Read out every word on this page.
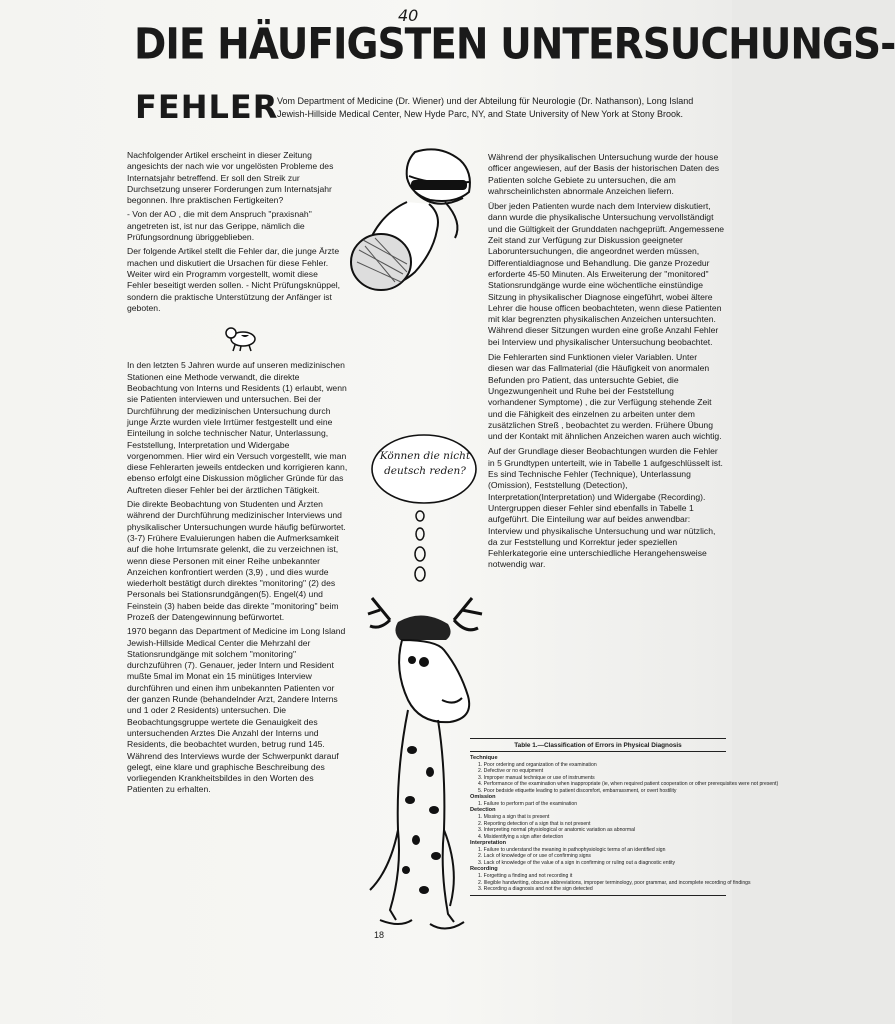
40
DIE HÄUFIGSTEN UNTERSUCHUNGS-
FEHLER
Vom Department of Medicine (Dr. Wiener) und der Abteilung für Neurologie (Dr. Nathanson), Long Island Jewish-Hillside Medical Center, New Hyde Parc, NY, and State University of New York at Stony Brook.

Nachfolgender Artikel erscheint in dieser Zeitung angesichts der nach wie vor ungelösten Probleme des Internatsjahr betreffend. Er soll den Streik zur Durchsetzung unserer Forderungen zum Internatsjahr begonnen. Ihre praktischen Fertigkeiten?

- Von der AO , die mit dem Anspruch "praxisnah" angetreten ist, ist nur das Gerippe, nämlich die Prüfungsordnung übriggeblieben.

Der folgende Artikel stellt die Fehler dar, die junge Ärzte machen und diskutiert die Ursachen für diese Fehler. Weiter wird ein Programm vorgestellt, womit diese Fehler beseitigt werden sollen. - Nicht Prüfungsknüppel, sondern die praktische Unterstützung der Anfänger ist geboten.

In den letzten 5 Jahren wurde auf unseren medizinischen Stationen eine Methode verwandt, die direkte Beobachtung von Interns und Residents (1) erlaubt, wenn sie Patienten interviewen und untersuchen. Bei der Durchführung der medizinischen Untersuchung durch junge Ärzte wurden viele Irrtümer festgestellt und eine Einteilung in solche technischer Natur, Unterlassung, Feststellung, Interpretation und Widergabe vorgenommen. Hier wird ein Versuch vorgestellt, wie man diese Fehlerarten jeweils entdecken und korrigieren kann, ebenso erfolgt eine Diskussion möglicher Gründe für das Auftreten dieser Fehler bei der ärztlichen Tätigkeit.

Die direkte Beobachtung von Studenten und Ärzten während der Durchführung medizinischer Interviews und physikalischer Untersuchungen wurde häufig befürwortet. (3-7) Frühere Evaluierungen haben die Aufmerksamkeit auf die hohe Irrtumsrate gelenkt, die zu verzeichnen ist, wenn diese Personen mit einer Reihe unbekannter Anzeichen konfrontiert werden (3,9) , und dies wurde wiederholt bestätigt durch direktes "monitoring" (2) des Personals bei Stationsrundgängen(5). Engel(4) und Feinstein (3) haben beide das direkte "monitoring" beim Prozeß der Datengewinnung befürwortet.

1970 begann das Department of Medicine im Long Island Jewish-Hillside Medical Center die Mehrzahl der Stationsrundgänge mit solchem "monitoring" durchzuführen (7). Genauer, jeder Intern und Resident mußte 5mal im Monat ein 15 minütiges Interview durchführen und einen ihm unbekannten Patienten vor der ganzen Runde (behandelnder Arzt, 2andere Interns und 1 oder 2 Residents) untersuchen. Die Beobachtungsgruppe wertete die Genauigkeit des untersuchenden Arztes Die Anzahl der Interns und Residents, die beobachtet wurden, betrug rund 145. Während des Interviews wurde der Schwerpunkt darauf gelegt, eine klare und graphische Beschreibung des vorliegenden Krankheitsbildes in den Worten des Patienten zu erhalten.

Können die nicht deutsch reden?

Während der physikalischen Untersuchung wurde der house officer angewiesen, auf der Basis der historischen Daten des Patienten solche Gebiete zu untersuchen, die am wahrscheinlichsten abnormale Anzeichen liefern.

Über jeden Patienten wurde nach dem Interview diskutiert, dann wurde die physikalische Untersuchung vervollständigt und die Gültigkeit der Grunddaten nachgeprüft. Angemessene Zeit stand zur Verfügung zur Diskussion geeigneter Laboruntersuchungen, die angeordnet werden müssen, Differentialdiagnose und Behandlung. Die ganze Prozedur erforderte 45-50 Minuten. Als Erweiterung der "monitored" Stationsrundgänge wurde eine wöchentliche einstündige Sitzung in physikalischer Diagnose eingeführt, wobei ältere Lehrer die house officen beobachteten, wenn diese Patienten mit klar begrenzten physikalischen Anzeichen untersuchten. Während dieser Sitzungen wurden eine große Anzahl Fehler bei Interview und physikalischer Untersuchung beobachtet.

Die Fehlerarten sind Funktionen vieler Variablen. Unter diesen war das Fallmaterial (die Häufigkeit von anormalen Befunden pro Patient, das untersuchte Gebiet, die Ungezwungenheit und Ruhe bei der Feststellung vorhandener Symptome) , die zur Verfügung stehende Zeit und die Fähigkeit des einzelnen zu arbeiten unter dem zusätzlichen Streß , beobachtet zu werden. Frühere Übung und der Kontakt mit ähnlichen Anzeichen waren auch wichtig.

Auf der Grundlage dieser Beobachtungen wurden die Fehler in 5 Grundtypen unterteilt, wie in Tabelle 1 aufgeschlüsselt ist. Es sind Technische Fehler (Technique), Unterlassung (Omission), Feststellung (Detection), Interpretation(Interpretation) und Widergabe (Recording). Untergruppen dieser Fehler sind ebenfalls in Tabelle 1 aufgeführt. Die Einteilung war auf beides anwendbar: Interview und physikalische Untersuchung und war nützlich, da zur Feststellung und Korrektur jeder speziellen Fehlerkategorie eine unterschiedliche Herangehensweise notwendig war.

Table 1.—Classification of Errors in Physical Diagnosis
Technique
1. Poor ordering and organization of the examination
2. Defective or no equipment
3. Improper manual technique or use of instruments
4. Performance of the examination when inappropriate (ie, when required patient cooperation or other prerequisites were not present)
5. Poor bedside etiquette leading to patient discomfort, embarrassment, or overt hostility
Omission
1. Failure to perform part of the examination
Detection
1. Missing a sign that is present
2. Reporting detection of a sign that is not present
3. Interpreting normal physiological or anatomic variation as abnormal
4. Misidentifying a sign after detection
Interpretation
1. Failure to understand the meaning in pathophysiologic terms of an identified sign
2. Lack of knowledge of or use of confirming signs
3. Lack of knowledge of the value of a sign in confirming or ruling out a diagnostic entity
Recording
1. Forgetting a finding and not recording it
2. Illegible handwriting, obscure abbreviations, improper terminology, poor grammar, and incomplete recording of findings
3. Recording a diagnosis and not the sign detected
18
